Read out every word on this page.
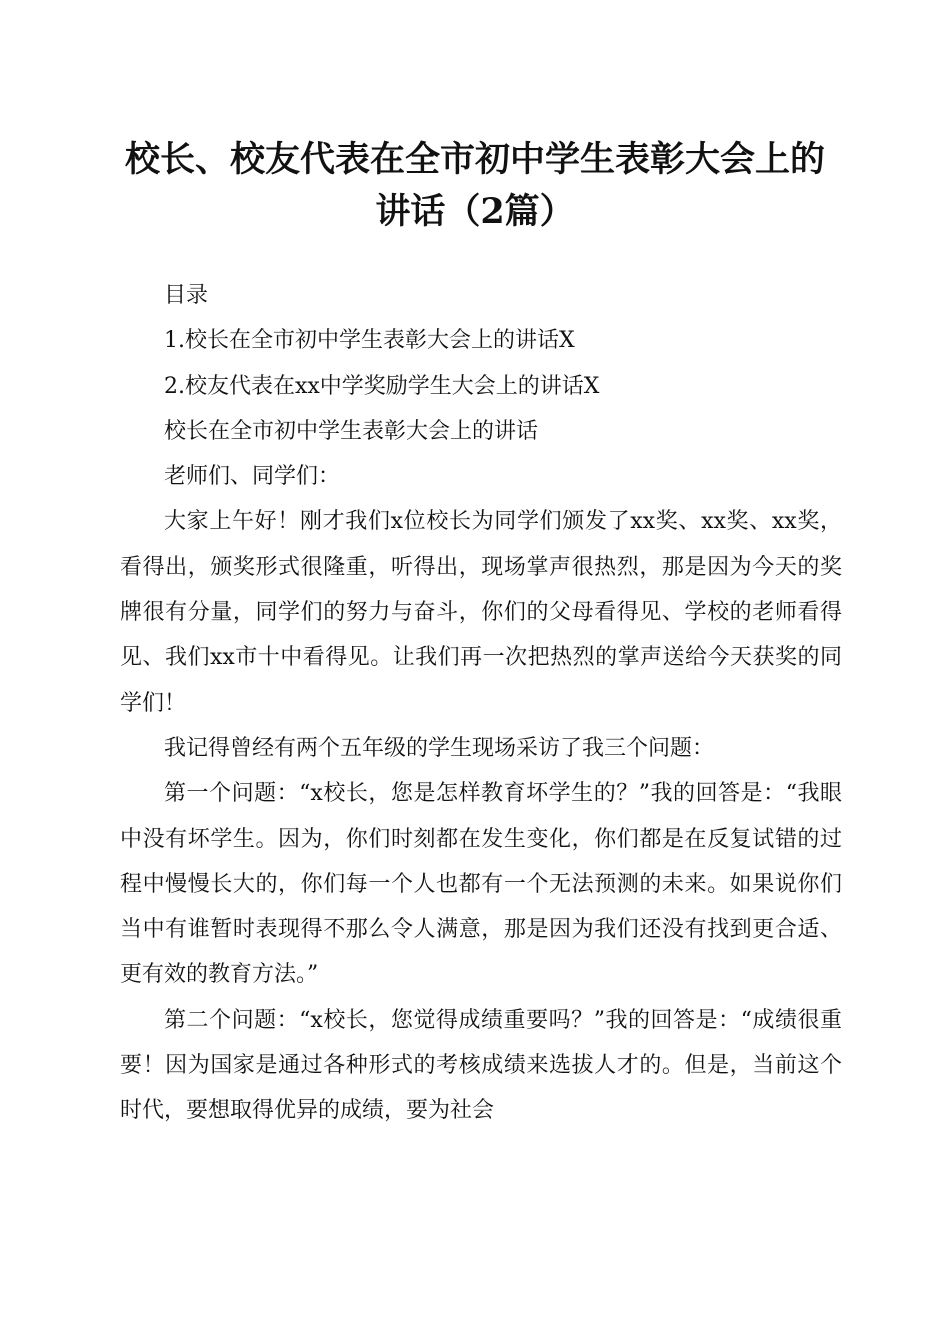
校长、校友代表在全市初中学生表彰大会上的
讲话（2篇）

目录

1.校长在全市初中学生表彰大会上的讲话X

2.校友代表在xx中学奖励学生大会上的讲话X

校长在全市初中学生表彰大会上的讲话

老师们、同学们：

大家上午好！刚才我们x位校长为同学们颁发了xx奖、xx奖、xx奖，看得出，颁奖形式很隆重，听得出，现场掌声很热烈，那是因为今天的奖牌很有分量，同学们的努力与奋斗，你们的父母看得见、学校的老师看得见、我们xx市十中看得见。让我们再一次把热烈的掌声送给今天获奖的同学们！

我记得曾经有两个五年级的学生现场采访了我三个问题：

第一个问题：“x校长，您是怎样教育坏学生的？”我的回答是：“我眼中没有坏学生。因为，你们时刻都在发生变化，你们都是在反复试错的过程中慢慢长大的，你们每一个人也都有一个无法预测的未来。如果说你们当中有谁暂时表现得不那么令人满意，那是因为我们还没有找到更合适、更有效的教育方法。”

第二个问题：“x校长，您觉得成绩重要吗？”我的回答是：“成绩很重要！因为国家是通过各种形式的考核成绩来选拔人才的。但是，当前这个时代，要想取得优异的成绩，要为社会
